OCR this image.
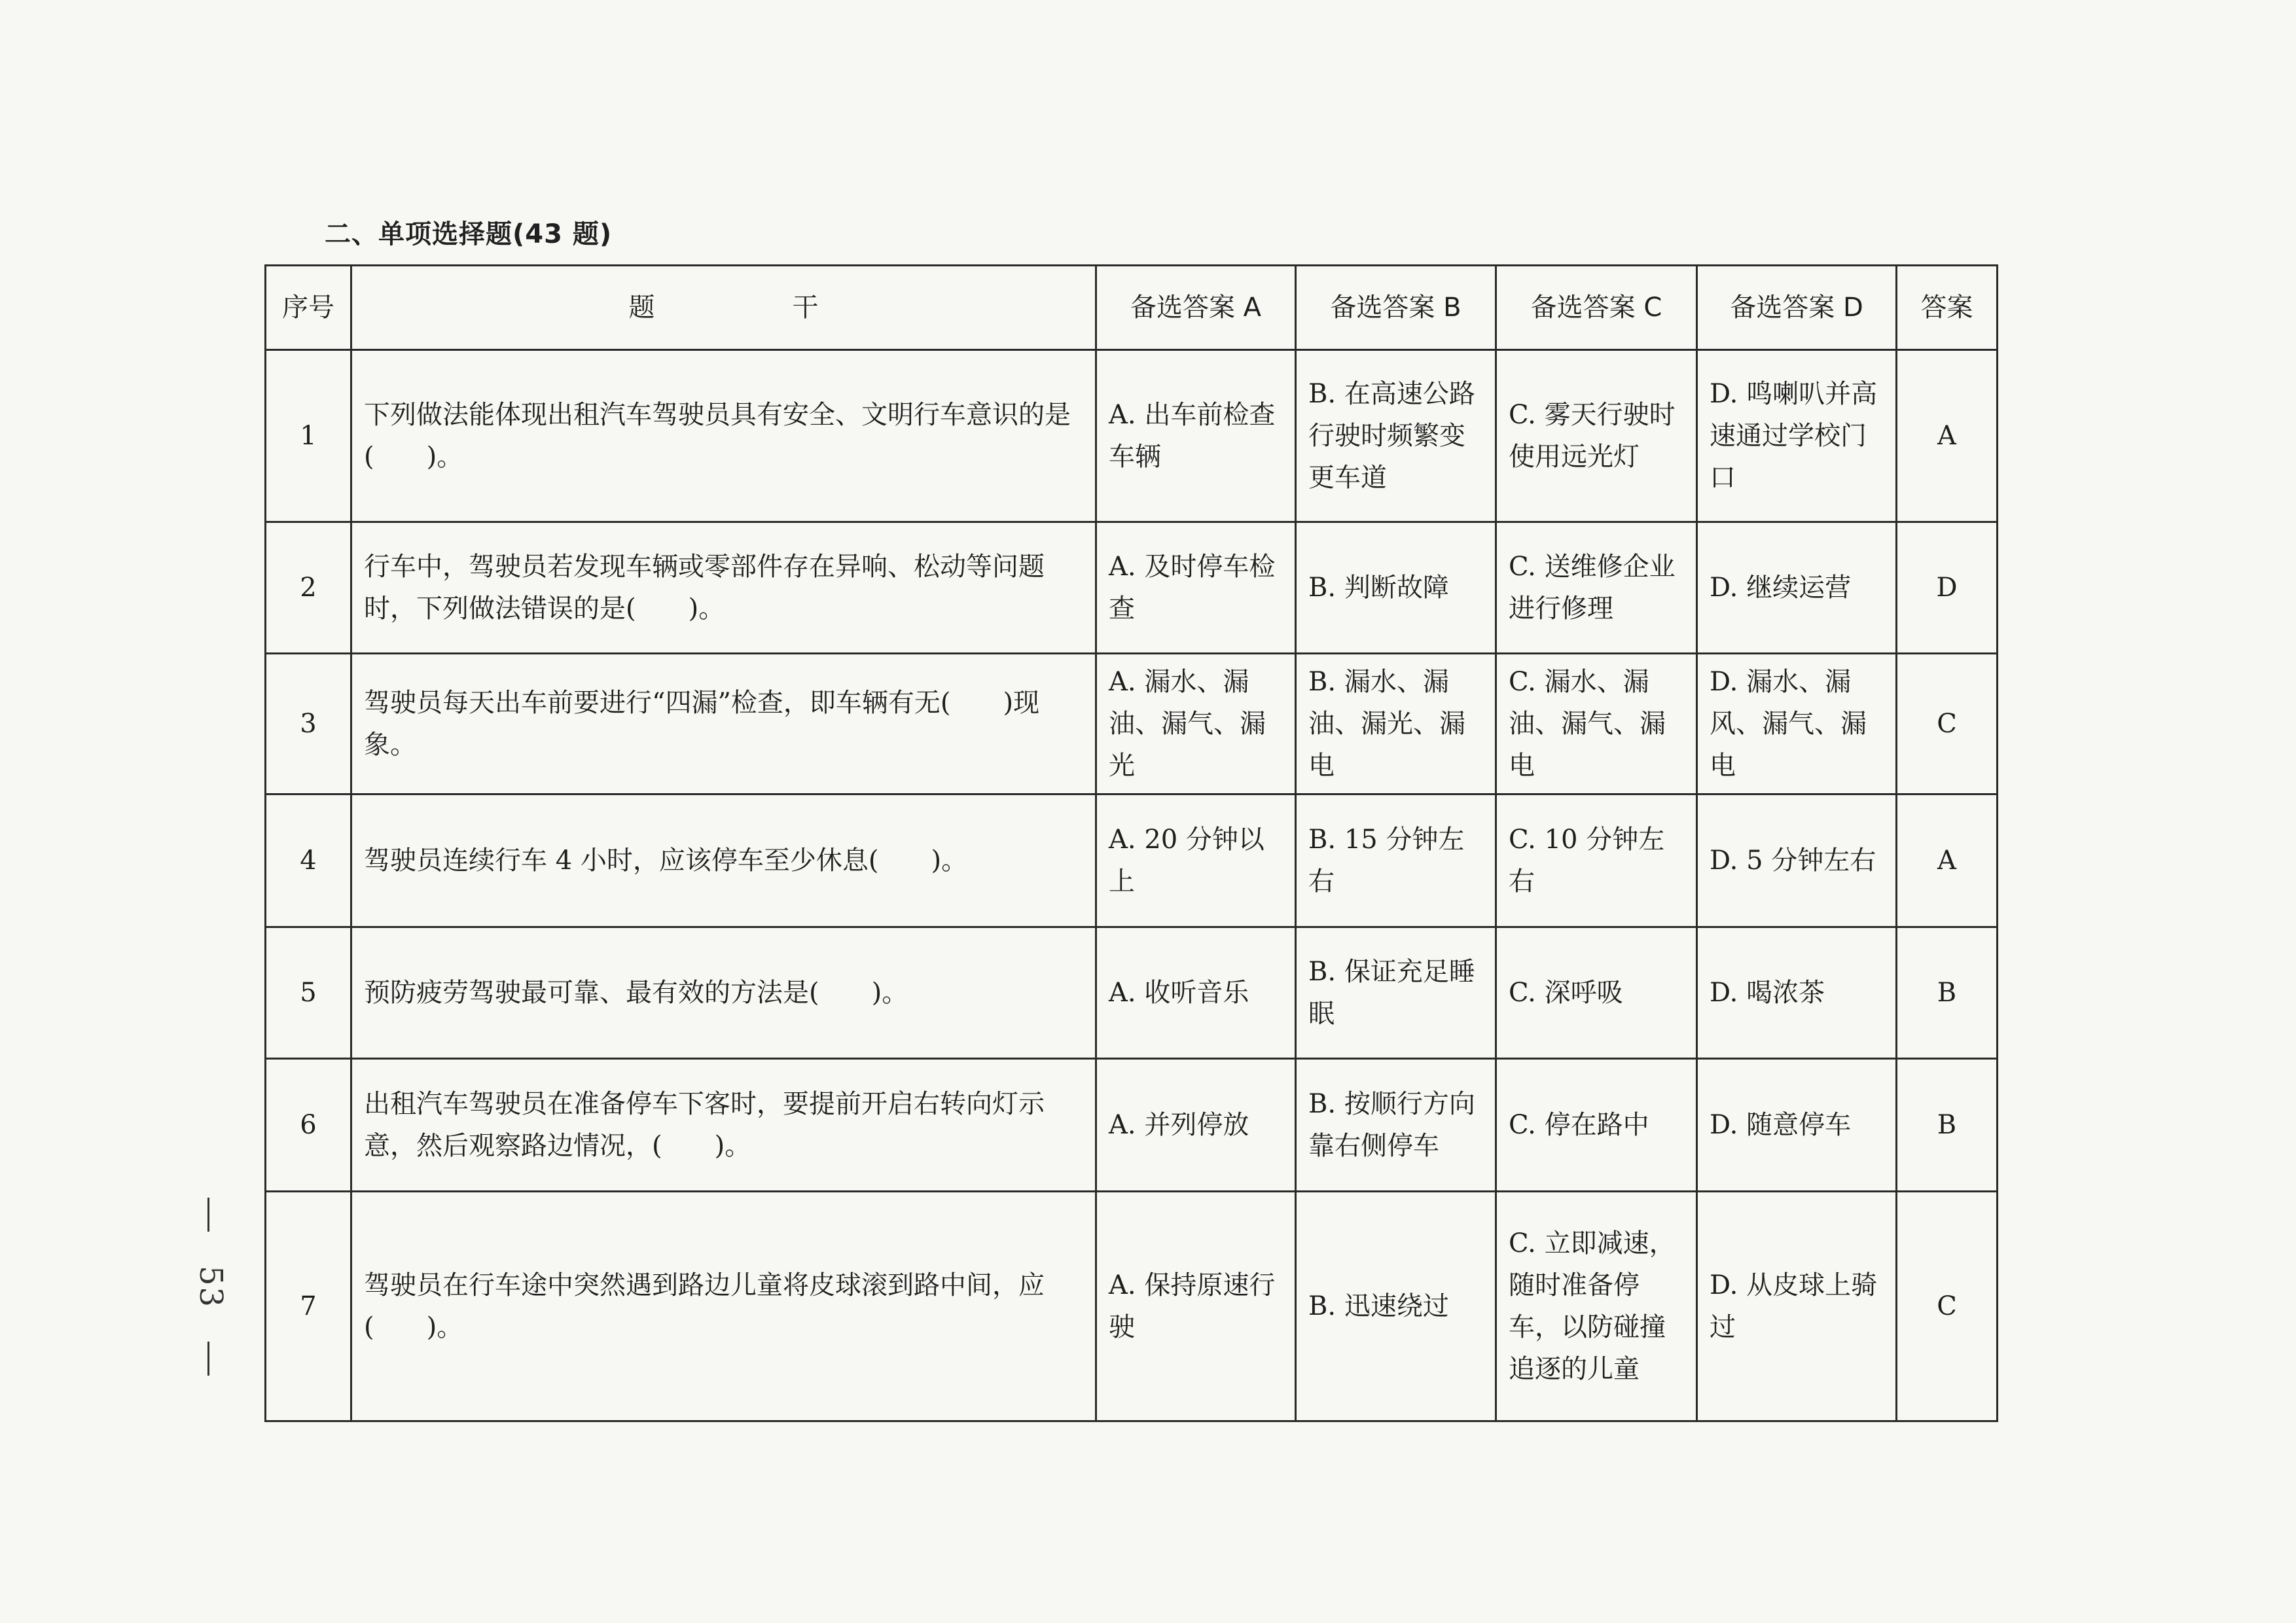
二、单项选择题(43 题)
序号	题 干	备选答案 A	备选答案 B	备选答案 C	备选答案 D	答案
1	下列做法能体现出租汽车驾驶员具有安全、文明行车意识的是(　　)。	A. 出车前检查车辆	B. 在高速公路行驶时频繁变更车道	C. 雾天行驶时使用远光灯	D. 鸣喇叭并高速通过学校门口	A
2	行车中，驾驶员若发现车辆或零部件存在异响、松动等问题时，下列做法错误的是(　　)。	A. 及时停车检查	B. 判断故障	C. 送维修企业进行修理	D. 继续运营	D
3	驾驶员每天出车前要进行“四漏”检查，即车辆有无(　　)现象。	A. 漏水、漏油、漏气、漏光	B. 漏水、漏油、漏光、漏电	C. 漏水、漏油、漏气、漏电	D. 漏水、漏风、漏气、漏电	C
4	驾驶员连续行车 4 小时，应该停车至少休息(　　)。	A. 20 分钟以上	B. 15 分钟左右	C. 10 分钟左右	D. 5 分钟左右	A
5	预防疲劳驾驶最可靠、最有效的方法是(　　)。	A. 收听音乐	B. 保证充足睡眠	C. 深呼吸	D. 喝浓茶	B
6	出租汽车驾驶员在准备停车下客时，要提前开启右转向灯示意，然后观察路边情况，(　　)。	A. 并列停放	B. 按顺行方向靠右侧停车	C. 停在路中	D. 随意停车	B
7	驾驶员在行车途中突然遇到路边儿童将皮球滚到路中间，应(　　)。	A. 保持原速行驶	B. 迅速绕过	C. 立即减速，随时准备停车，以防碰撞追逐的儿童	D. 从皮球上骑过	C
53
